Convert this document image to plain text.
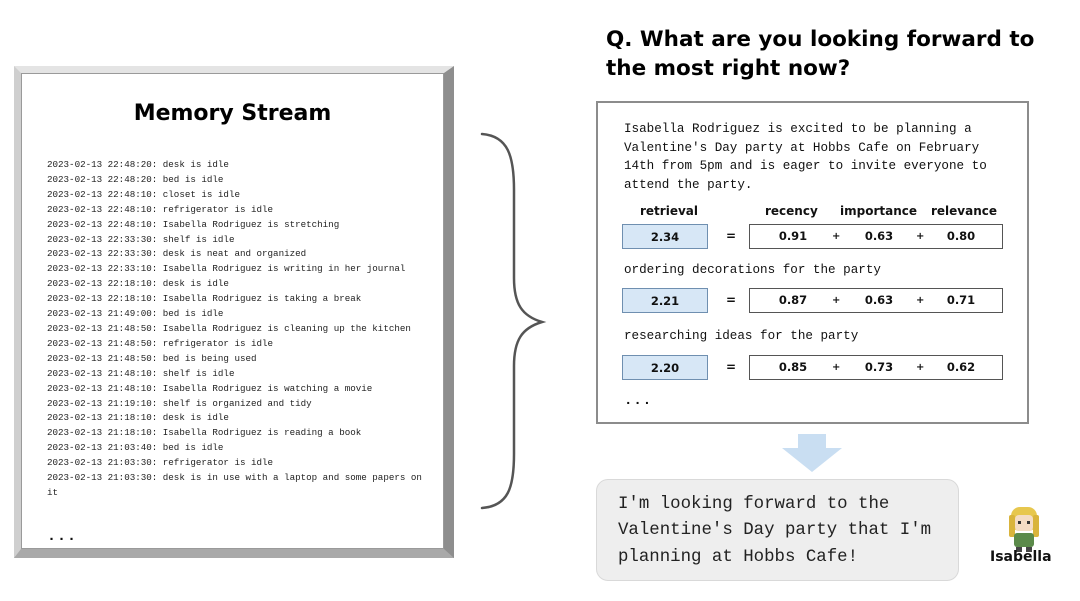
Memory Stream
2023-02-13 22:48:20: desk is idle
2023-02-13 22:48:20: bed is idle
2023-02-13 22:48:10: closet is idle
2023-02-13 22:48:10: refrigerator is idle
2023-02-13 22:48:10: Isabella Rodriguez is stretching
2023-02-13 22:33:30: shelf is idle
2023-02-13 22:33:30: desk is neat and organized
2023-02-13 22:33:10: Isabella Rodriguez is writing in her journal
2023-02-13 22:18:10: desk is idle
2023-02-13 22:18:10: Isabella Rodriguez is taking a break
2023-02-13 21:49:00: bed is idle
2023-02-13 21:48:50: Isabella Rodriguez is cleaning up the kitchen
2023-02-13 21:48:50: refrigerator is idle
2023-02-13 21:48:50: bed is being used
2023-02-13 21:48:10: shelf is idle
2023-02-13 21:48:10: Isabella Rodriguez is watching a movie
2023-02-13 21:19:10: shelf is organized and tidy
2023-02-13 21:18:10: desk is idle
2023-02-13 21:18:10: Isabella Rodriguez is reading a book
2023-02-13 21:03:40: bed is idle
2023-02-13 21:03:30: refrigerator is idle
2023-02-13 21:03:30: desk is in use with a laptop and some papers on it
...
Q. What are you looking forward to the most right now?

Isabella Rodriguez is excited to be planning a Valentine's Day party at Hobbs Cafe on February 14th from 5pm and is eager to invite everyone to attend the party.

retrieval	recency importance relevance
2.34	=	0.91	+	0.63	+	0.80
ordering decorations for the party
2.21	=	0.87	+	0.63	+	0.71
researching ideas for the party
2.20	=	0.85	+	0.73	+	0.62
...

I'm looking forward to the Valentine's Day party that I'm planning at Hobbs Cafe!	Isabella
